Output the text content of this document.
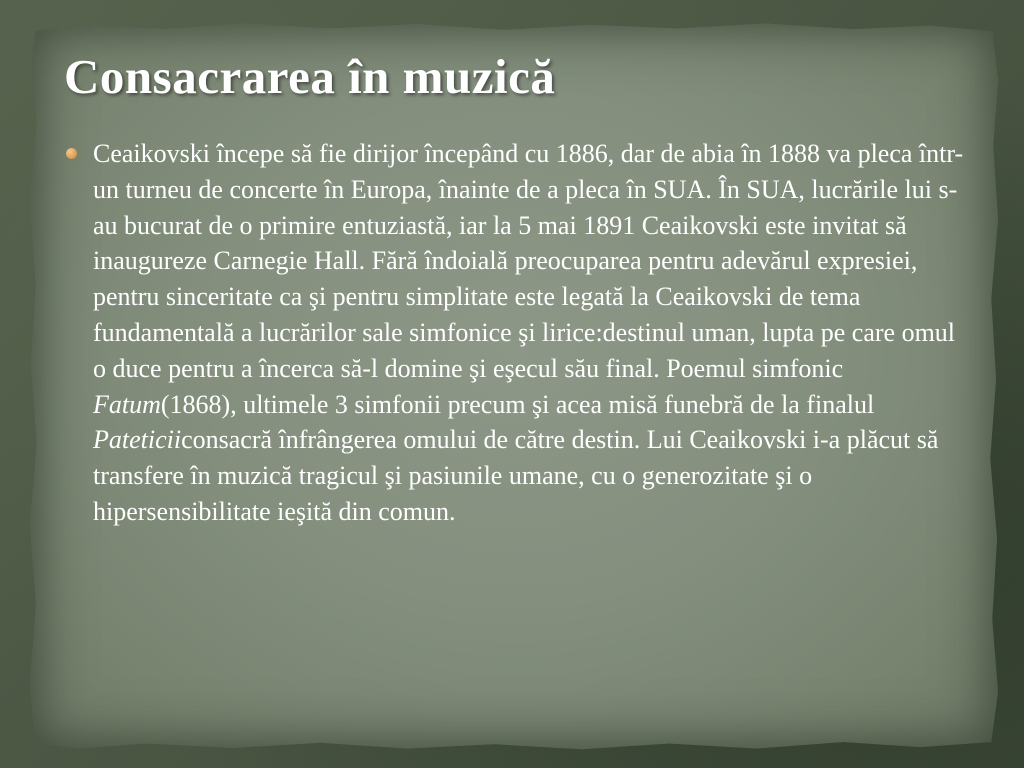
Consacrarea în muzică
Ceaikovski începe să fie dirijor începând cu 1886, dar de abia în 1888 va pleca într-un turneu de concerte în Europa, înainte de a pleca în SUA. În SUA, lucrările lui s-au bucurat de o primire entuziastă, iar la 5 mai 1891 Ceaikovski este invitat să inaugureze Carnegie Hall. Fără îndoială preocuparea pentru adevărul expresiei, pentru sinceritate ca şi pentru simplitate este legată la Ceaikovski de tema fundamentală a lucrărilor sale simfonice şi lirice:destinul uman, lupta pe care omul o duce pentru a încerca să-l domine şi eşecul său final. Poemul simfonic Fatum(1868), ultimele 3 simfonii precum şi acea misă funebră de la finalul Pateticiiconsacră înfrângerea omului de către destin. Lui Ceaikovski i-a plăcut să transfere în muzică tragicul şi pasiunile umane, cu o generozitate şi o hipersensibilitate ieşită din comun.
